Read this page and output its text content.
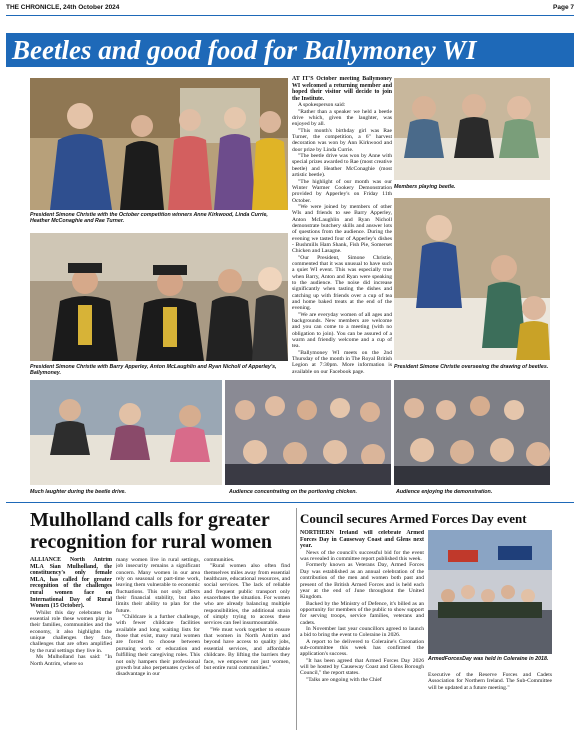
THE CHRONICLE, 24th October 2024	Page 7
Beetles and good food for Ballymoney WI
President Simone Christie with the October competition winners Anne Kirkwood, Linda Currie, Heather McConaghie and Rae Turner.
President Simone Christie with Barry Apperley, Anton McLaughlin and Ryan Nicholl of Apperley's, Ballymoney.

AT IT'S October meeting Ballymoney WI welcomed a returning member and hoped their visitor will decide to join the Institute.

A spokesperson said:

"Rather than a speaker we held a beetle drive which, given the laughter, was enjoyed by all.

"This month's birthday girl was Rae Turner, the competition, a 6" harvest decoration was won by Ann Kirkwood and door prize by Linda Currie.

"The beetle drive was won by Anne with special prizes awarded to Rae (most creative beetle) and Heather McConaghie (most artistic beetle).

"The highlight of our month was our Winter Warmer Cookery Demonstration provided by Apperley's on Friday 11th October.

"We were joined by members of other WIs and friends to see Barry Apperley, Anton McLaughlin and Ryan Nicholl demonstrate butchery skills and answer lots of questions from the audience. During the evening we tasted four of Apperley's dishes - Bushmills Ham Shank, Fish Pie, Somerset Chicken and Lasagne.

"Our President, Simone Christie, commented that it was unusual to have such a quiet WI event. This was especially true when Barry, Anton and Ryan were speaking to the audience. The noise did increase significantly when tasting the dishes and catching up with friends over a cup of tea and home baked treats at the end of the evening.

"We are everyday women of all ages and backgrounds. New members are welcome and you can come to a meeting (with no obligation to join). You can be assured of a warm and friendly welcome and a cup of tea.

"Ballymoney WI meets on the 2nd Thursday of the month in The Royal British Legion at 7:30pm. More information is available on our Facebook page.

Members playing beetle.
President Simone Christie overseeing the drawing of beetles.
Much laughter during the beetle drive.	Audience concentrating on the portioning chicken.	Audience enjoying the demonstration.
Mulholland calls for greater recognition for rural women

ALLIANCE North Antrim MLA Sian Mulholland, the constituency's only female MLA, has called for greater recognition of the challenges rural women face on International Day of Rural Women (15 October).

Whilst this day celebrates the essential role these women play in their families, communities and the economy, it also highlights the unique challenges they face, challenges that are often amplified by the rural settings they live in.

Ms Mulholland has said: "In North Antrim, where so

many women live in rural settings, job insecurity remains a significant concern. Many women in our area rely on seasonal or part-time work, leaving them vulnerable to economic fluctuations. This not only affects their financial stability, but also limits their ability to plan for the future.

"Childcare is a further challenge, with fewer childcare facilities available and long waiting lists for those that exist, many rural women are forced to choose between pursuing work or education and fulfilling their caregiving roles. This not only hampers their professional growth but also perpetuates cycles of disadvantage in our

communities.

"Rural women also often find themselves miles away from essential healthcare, educational resources, and social services. The lack of reliable and frequent public transport only exacerbates the situation. For women who are already balancing multiple responsibilities, the additional strain of simply trying to access these services can feel insurmountable.

"We must work together to ensure that women in North Antrim and beyond have access to quality jobs, essential services, and affordable childcare. By lifting the barriers they face, we empower not just women, but entire rural communities."

Council secures Armed Forces Day event

NORTHERN Ireland will celebrate Armed Forces Day in Causeway Coast and Glens next year.

News of the council's successful bid for the event was revealed in committee report published this week.

Formerly known as Veterans Day, Armed Forces Day was established as an annual celebration of the contribution of the men and women both past and present of the British Armed Forces and is held each year at the end of June throughout the United Kingdom.

Backed by the Ministry of Defence, it's billed as an opportunity for members of the public to show support for serving troops, service families, veterans and cadets.

In November last year councillors agreed to launch a bid to bring the event to Coleraine in 2026.

A report to be delivered to Coleraine's Coronation sub-committee this week has confirmed the application's success.

"It has been agreed that Armed Forces Day 2026 will be hosted by Causeway Coast and Glens Borough Council," the report states.

"Talks are ongoing with the Chief

ArmedForcesDay was held in Coleraine in 2018.

Executive of the Reserve Forces and Cadets Association for Northern Ireland. The Sub-Committee will be updated at a future meeting."
